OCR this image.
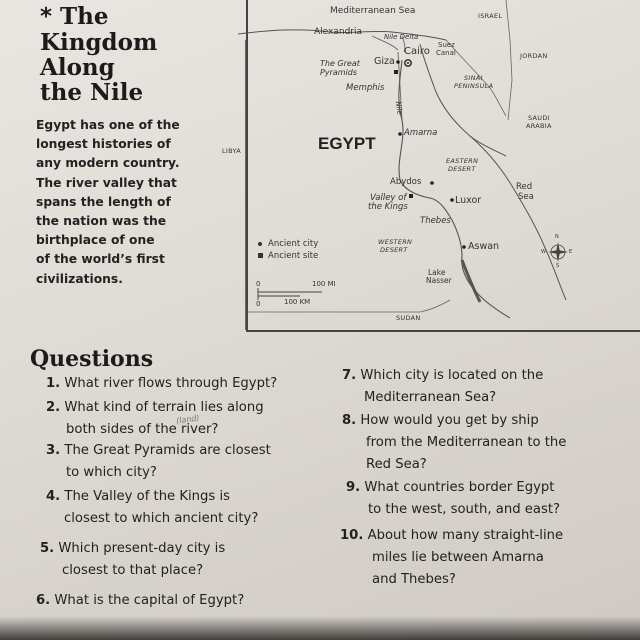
* The
Kingdom
Along
the Nile
Egypt has one of the
longest histories of
any modern country.
The river valley that
spans the length of
the nation was the
birthplace of one
of the world’s first
civilizations.
Mediterranean Sea	ISRAEL
JORDAN
SAUDI
ARABIA
LIBYA	EGYPT
SUDAN
Alexandria	Nile Delta
Cairo
Suez
Canal
Giza
The Great
Pyramids
Memphis
SINAI
PENINSULA
Nile
Amarna
EASTERN
DESERT
Abydos
Valley of
the Kings
Luxor
Thebes
Red
Sea
WESTERN
DESERT	Aswan
Lake
Nasser
100 MI
100 KM
0
0
N
S
E
W
Ancient city
Ancient site
Questions
1. What river flows through Egypt?
2. What kind of terrain lies along
both sides of the river?
(land)
3. The Great Pyramids are closest
to which city?
4. The Valley of the Kings is
closest to which ancient city?
5. Which present-day city is
closest to that place?
6. What is the capital of Egypt?
7. Which city is located on the
Mediterranean Sea?
8. How would you get by ship
from the Mediterranean to the
Red Sea?
9. What countries border Egypt
to the west, south, and east?
10. About how many straight-line
miles lie between Amarna
and Thebes?
